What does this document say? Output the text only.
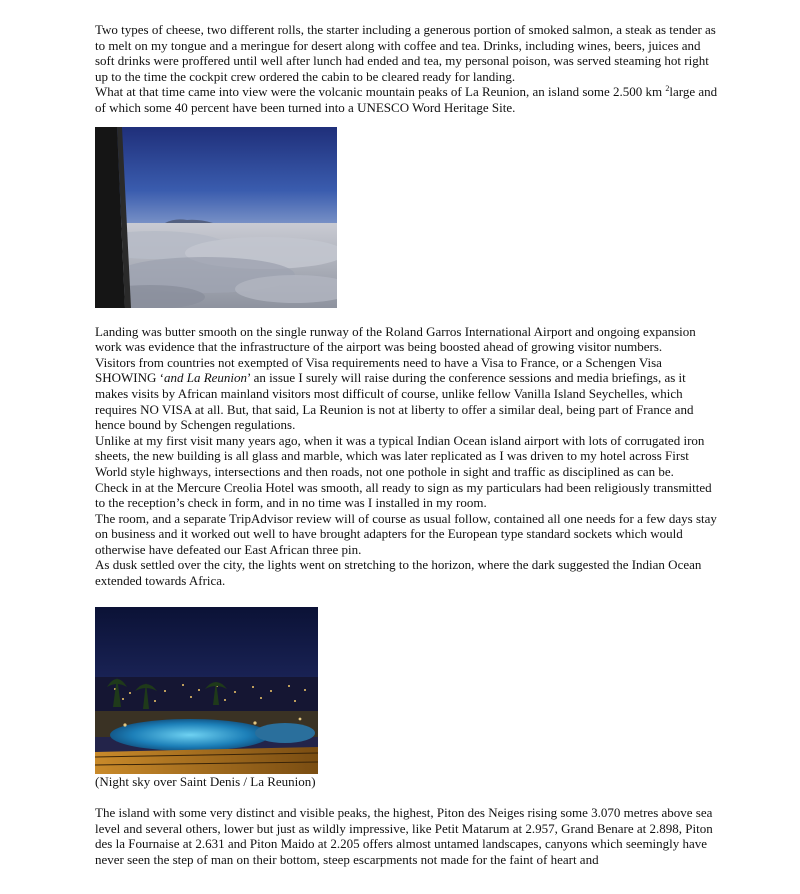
Two types of cheese, two different rolls, the starter including a generous portion of smoked salmon, a steak as tender as to melt on my tongue and a meringue for desert along with coffee and tea. Drinks, including wines, beers, juices and soft drinks were proffered until well after lunch had ended and tea, my personal poison, was served steaming hot right up to the time the cockpit crew ordered the cabin to be cleared ready for landing.

What at that time came into view were the volcanic mountain peaks of La Reunion, an island some 2.500 km $^2$large and of which some 40 percent have been turned into a UNESCO Word Heritage Site.

Landing was butter smooth on the single runway of the Roland Garros International Airport and ongoing expansion work was evidence that the infrastructure of the airport was being boosted ahead of growing visitor numbers.

Visitors from countries not exempted of Visa requirements need to have a Visa to France, or a Schengen Visa SHOWING ‘and La Reunion’ an issue I surely will raise during the conference sessions and media briefings, as it makes visits by African mainland visitors most difficult of course, unlike fellow Vanilla Island Seychelles, which requires NO VISA at all. But, that said, La Reunion is not at liberty to offer a similar deal, being part of France and hence bound by Schengen regulations.

Unlike at my first visit many years ago, when it was a typical Indian Ocean island airport with lots of corrugated iron sheets, the new building is all glass and marble, which was later replicated as I was driven to my hotel across First World style highways, intersections and then roads, not one pothole in sight and traffic as disciplined as can be.

Check in at the Mercure Creolia Hotel was smooth, all ready to sign as my particulars had been religiously transmitted to the reception’s check in form, and in no time was I installed in my room.

The room, and a separate TripAdvisor review will of course as usual follow, contained all one needs for a few days stay on business and it worked out well to have brought adapters for the European type standard sockets which would otherwise have defeated our East African three pin.

As dusk settled over the city, the lights went on stretching to the horizon, where the dark suggested the Indian Ocean extended towards Africa.

(Night sky over Saint Denis / La Reunion)

The island with some very distinct and visible peaks, the highest, Piton des Neiges rising some 3.070 metres above sea level and several others, lower but just as wildly impressive, like Petit Matarum at 2.957, Grand Benare at 2.898, Piton des la Fournaise at 2.631 and Piton Maido at 2.205 offers almost untamed landscapes, canyons which seemingly have never seen the step of man on their bottom, steep escarpments not made for the faint of heart and
